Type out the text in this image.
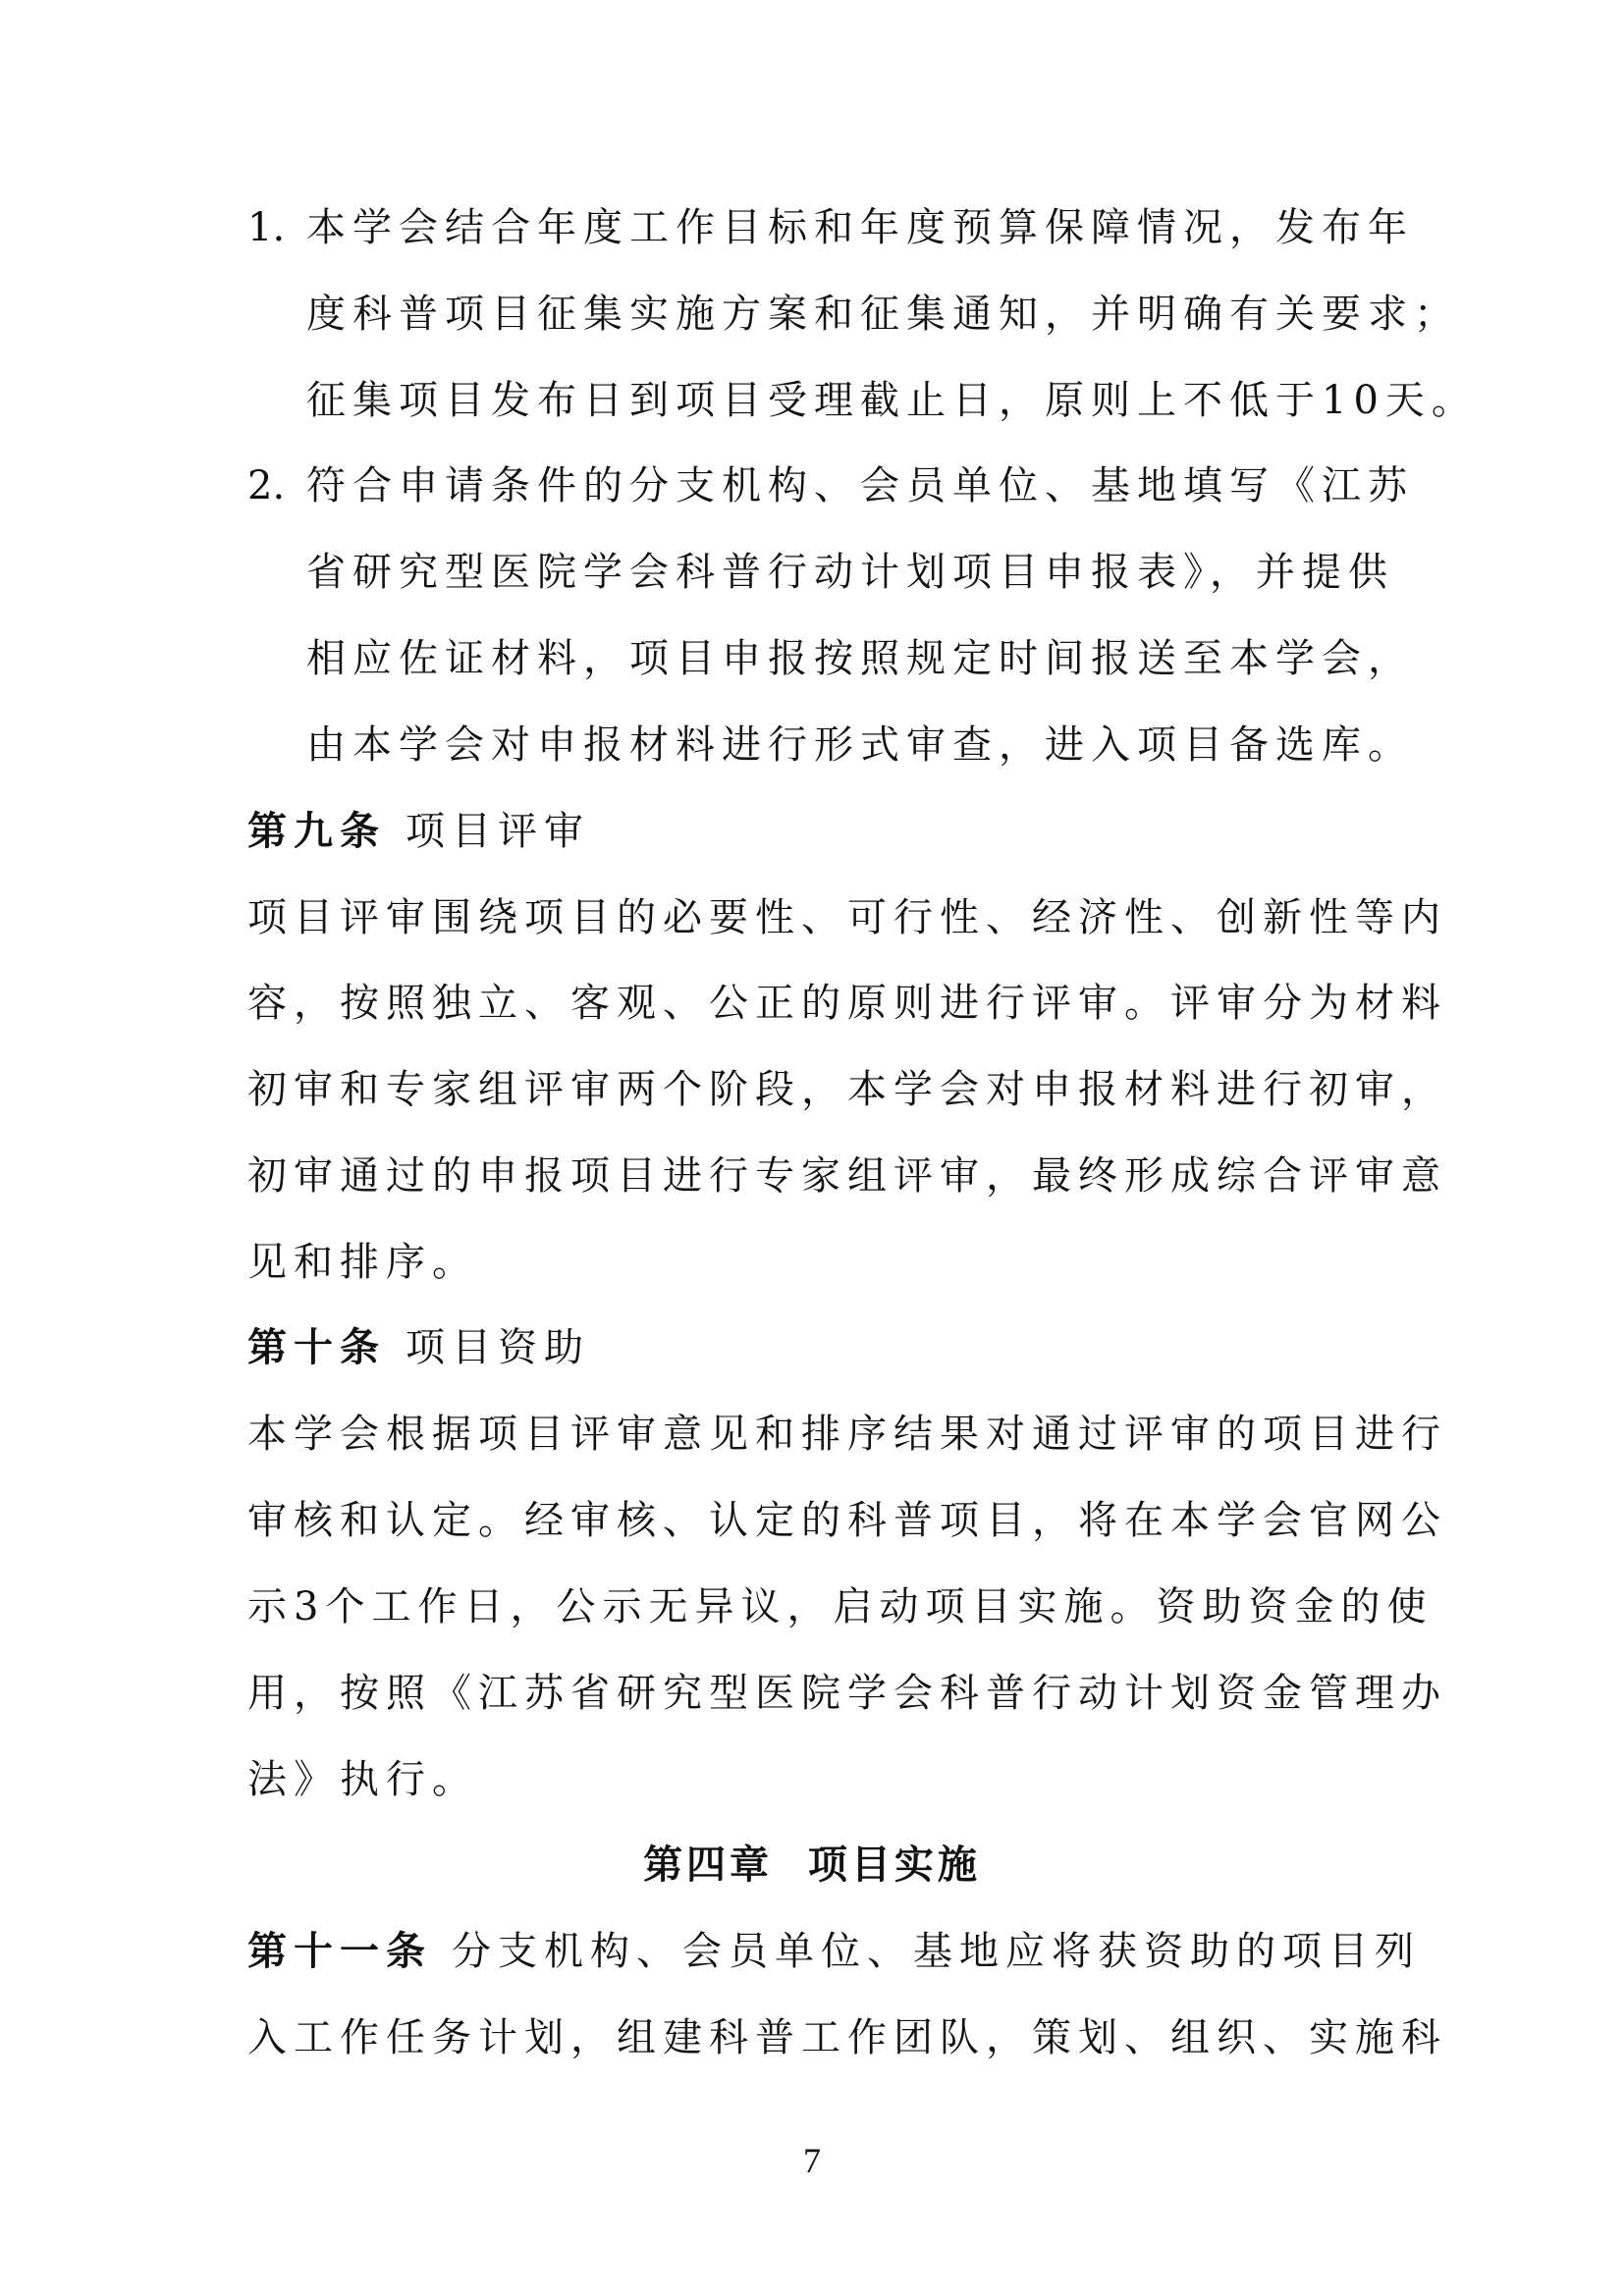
1. 本学会结合年度工作目标和年度预算保障情况，发布年
度科普项目征集实施方案和征集通知，并明确有关要求；
征集项目发布日到项目受理截止日，原则上不低于10天。
2. 符合申请条件的分支机构、会员单位、基地填写《江苏
省研究型医院学会科普行动计划项目申报表》，并提供
相应佐证材料，项目申报按照规定时间报送至本学会，
由本学会对申报材料进行形式审查，进入项目备选库。
第九条 项目评审
项目评审围绕项目的必要性、可行性、经济性、创新性等内
容，按照独立、客观、公正的原则进行评审。评审分为材料
初审和专家组评审两个阶段，本学会对申报材料进行初审，
初审通过的申报项目进行专家组评审，最终形成综合评审意
见和排序。
第十条 项目资助
本学会根据项目评审意见和排序结果对通过评审的项目进行
审核和认定。经审核、认定的科普项目，将在本学会官网公
示3个工作日，公示无异议，启动项目实施。资助资金的使
用，按照《江苏省研究型医院学会科普行动计划资金管理办
法》执行。
第四章  项目实施
第十一条 分支机构、会员单位、基地应将获资助的项目列
入工作任务计划，组建科普工作团队，策划、组织、实施科
7
